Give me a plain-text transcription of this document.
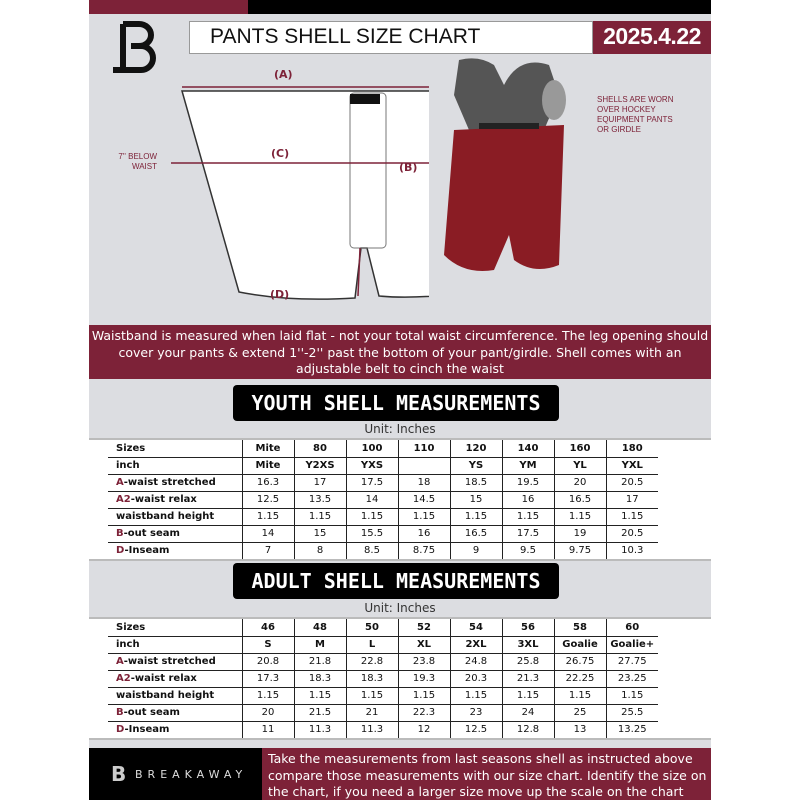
PANTS SHELL SIZE CHART	2025.4.22
(A)
(C)
(B)
(D)
7'' BELOW WAIST
SHELLS ARE WORN OVER HOCKEY EQUIPMENT PANTS OR GIRDLE
Waistband is measured when laid flat - not your total waist circumference. The leg opening should cover your pants & extend 1''-2'' past the bottom of your pant/girdle. Shell comes with an adjustable belt to cinch the waist
YOUTH SHELL MEASUREMENTS
Unit: Inches
Sizes	Mite	80	100	110	120	140	160	180
inch	Mite	Y2XS	YXS		YS	YM	YL	YXL
A-waist stretched	16.3	17	17.5	18	18.5	19.5	20	20.5
A2-waist relax	12.5	13.5	14	14.5	15	16	16.5	17
waistband height	1.15	1.15	1.15	1.15	1.15	1.15	1.15	1.15
B-out seam	14	15	15.5	16	16.5	17.5	19	20.5
D-Inseam	7	8	8.5	8.75	9	9.5	9.75	10.3
ADULT SHELL MEASUREMENTS
Unit: Inches
Sizes	46	48	50	52	54	56	58	60
inch	S	M	L	XL	2XL	3XL	Goalie	Goalie+
A-waist stretched	20.8	21.8	22.8	23.8	24.8	25.8	26.75	27.75
A2-waist relax	17.3	18.3	18.3	19.3	20.3	21.3	22.25	23.25
waistband height	1.15	1.15	1.15	1.15	1.15	1.15	1.15	1.15
B-out seam	20	21.5	21	22.3	23	24	25	25.5
D-Inseam	11	11.3	11.3	12	12.5	12.8	13	13.25
B BREAKAWAY
Take the measurements from last seasons shell as instructed above compare those measurements with our size chart. Identify the size on the chart, if you need a larger size move up the scale on the chart
